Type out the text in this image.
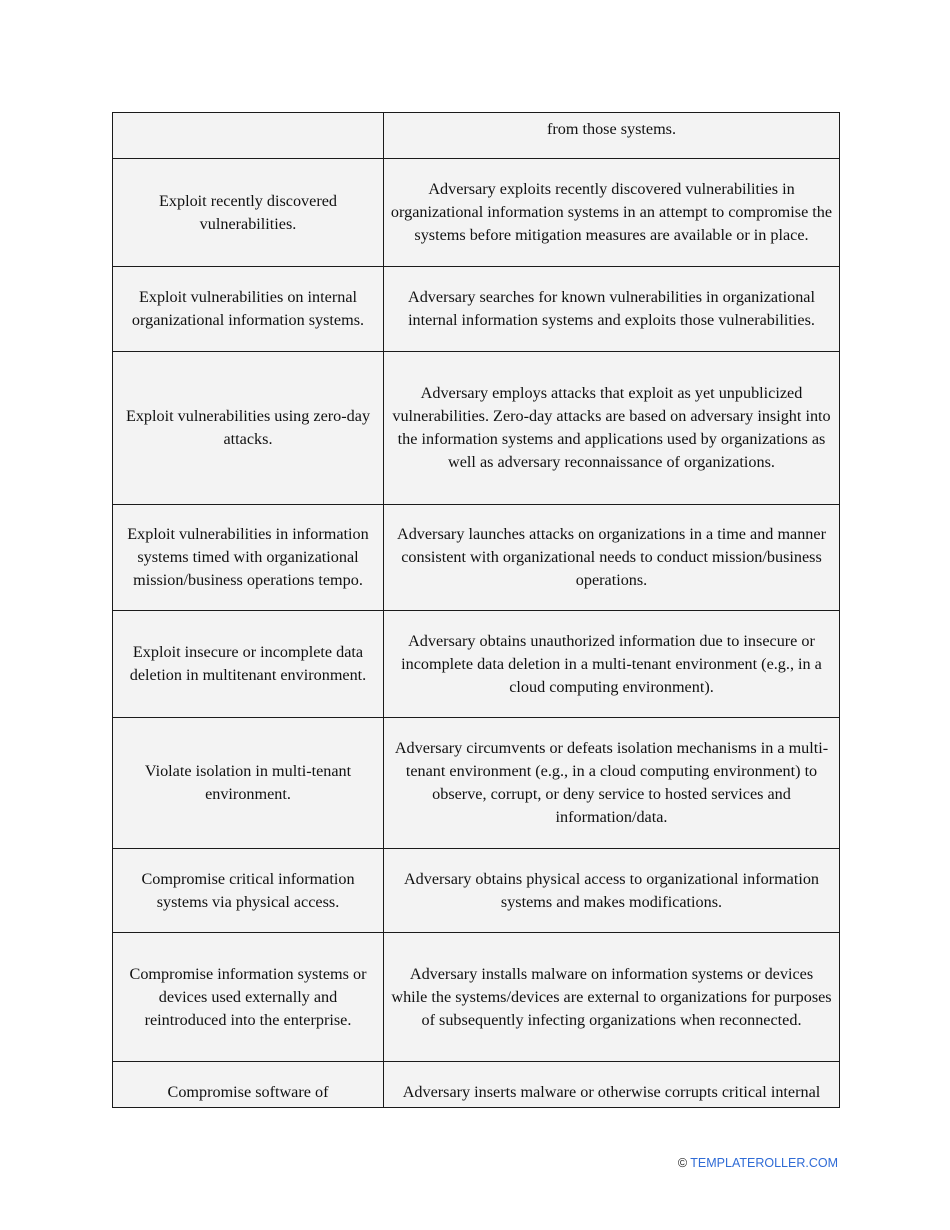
	from those systems.
Exploit recently discovered vulnerabilities.	Adversary exploits recently discovered vulnerabilities in organizational information systems in an attempt to compromise the systems before mitigation measures are available or in place.
Exploit vulnerabilities on internal organizational information systems.	Adversary searches for known vulnerabilities in organizational internal information systems and exploits those vulnerabilities.
Exploit vulnerabilities using zero-day attacks.	Adversary employs attacks that exploit as yet unpublicized vulnerabilities. Zero-day attacks are based on adversary insight into the information systems and applications used by organizations as well as adversary reconnaissance of organizations.
Exploit vulnerabilities in information systems timed with organizational mission/business operations tempo.	Adversary launches attacks on organizations in a time and manner consistent with organizational needs to conduct mission/business operations.
Exploit insecure or incomplete data deletion in multitenant environment.	Adversary obtains unauthorized information due to insecure or incomplete data deletion in a multi-tenant environment (e.g., in a cloud computing environment).
Violate isolation in multi-tenant environment.	Adversary circumvents or defeats isolation mechanisms in a multi-tenant environment (e.g., in a cloud computing environment) to observe, corrupt, or deny service to hosted services and information/data.
Compromise critical information systems via physical access.	Adversary obtains physical access to organizational information systems and makes modifications.
Compromise information systems or devices used externally and reintroduced into the enterprise.	Adversary installs malware on information systems or devices while the systems/devices are external to organizations for purposes of subsequently infecting organizations when reconnected.
Compromise software of	Adversary inserts malware or otherwise corrupts critical internal
© TEMPLATEROLLER.COM
